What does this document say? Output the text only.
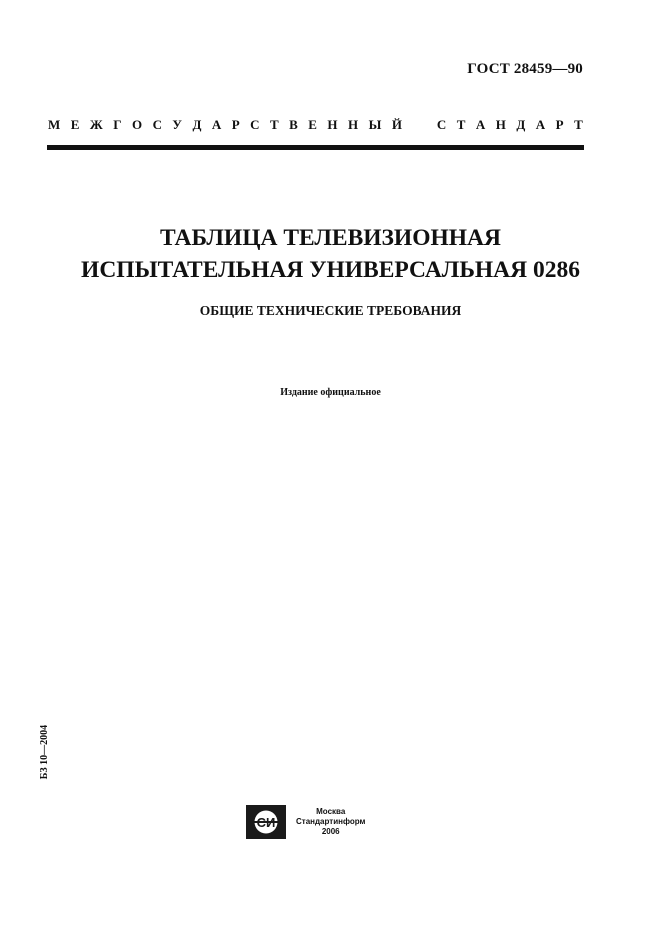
ГОСТ 28459—90
М Е Ж Г О С У Д А Р С Т В Е Н Н Ы Й	С Т А Н Д А Р Т
ТАБЛИЦА ТЕЛЕВИЗИОННАЯ
ИСПЫТАТЕЛЬНАЯ УНИВЕРСАЛЬНАЯ 0286
ОБЩИЕ ТЕХНИЧЕСКИЕ ТРЕБОВАНИЯ
Издание официальное
БЗ 10—2004
СИ
Москва
Стандартинформ
2006
